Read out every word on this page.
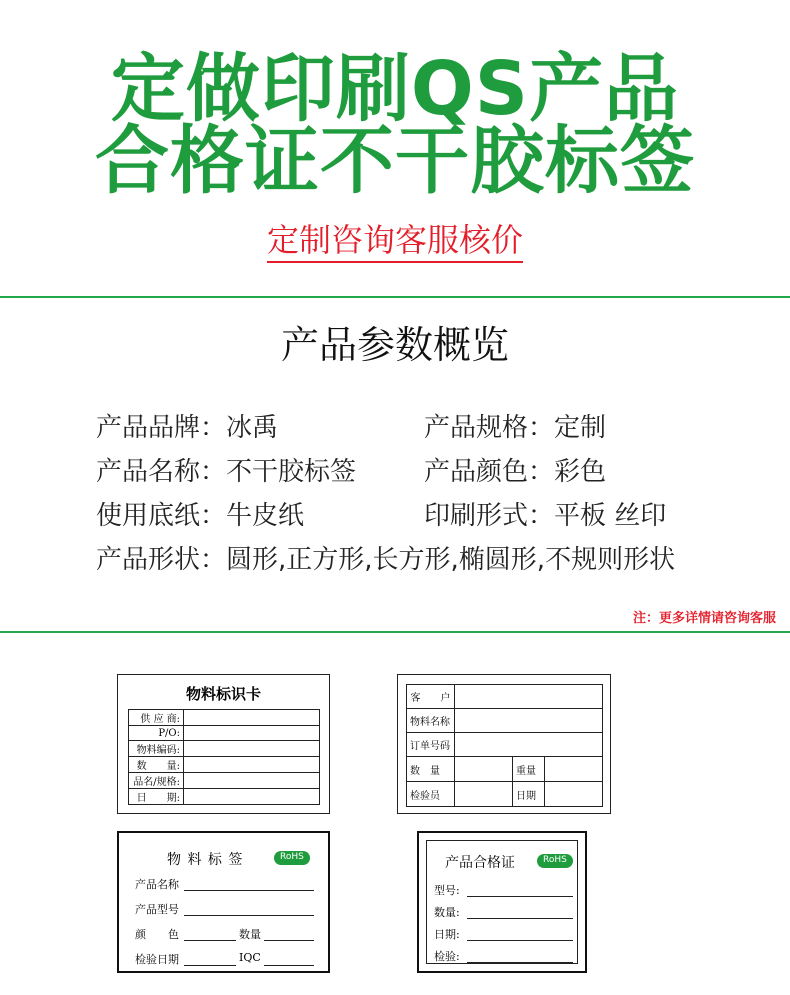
定做印刷QS产品
合格证不干胶标签
定制咨询客服核价
产品参数概览
产品品牌：冰禹	产品规格：定制
产品名称：不干胶标签	产品颜色：彩色
使用底纸：牛皮纸	印刷形式：平板 丝印
产品形状：圆形,正方形,长方形,椭圆形,不规则形状
注：更多详情请咨询客服
物料标识卡
供 应 商:	
P/O:	
物料编码:	
数　　量:	
品名/规格:	
日　　期:	
客　　户			
物料名称			
订单号码			
数　量		重量	
检验员		日期	
物 料 标 签	RoHS
产品名称
产品型号
颜　　色	数量
检验日期	IQC
产品合格证	RoHS
型号:
数量:
日期:
检验:
